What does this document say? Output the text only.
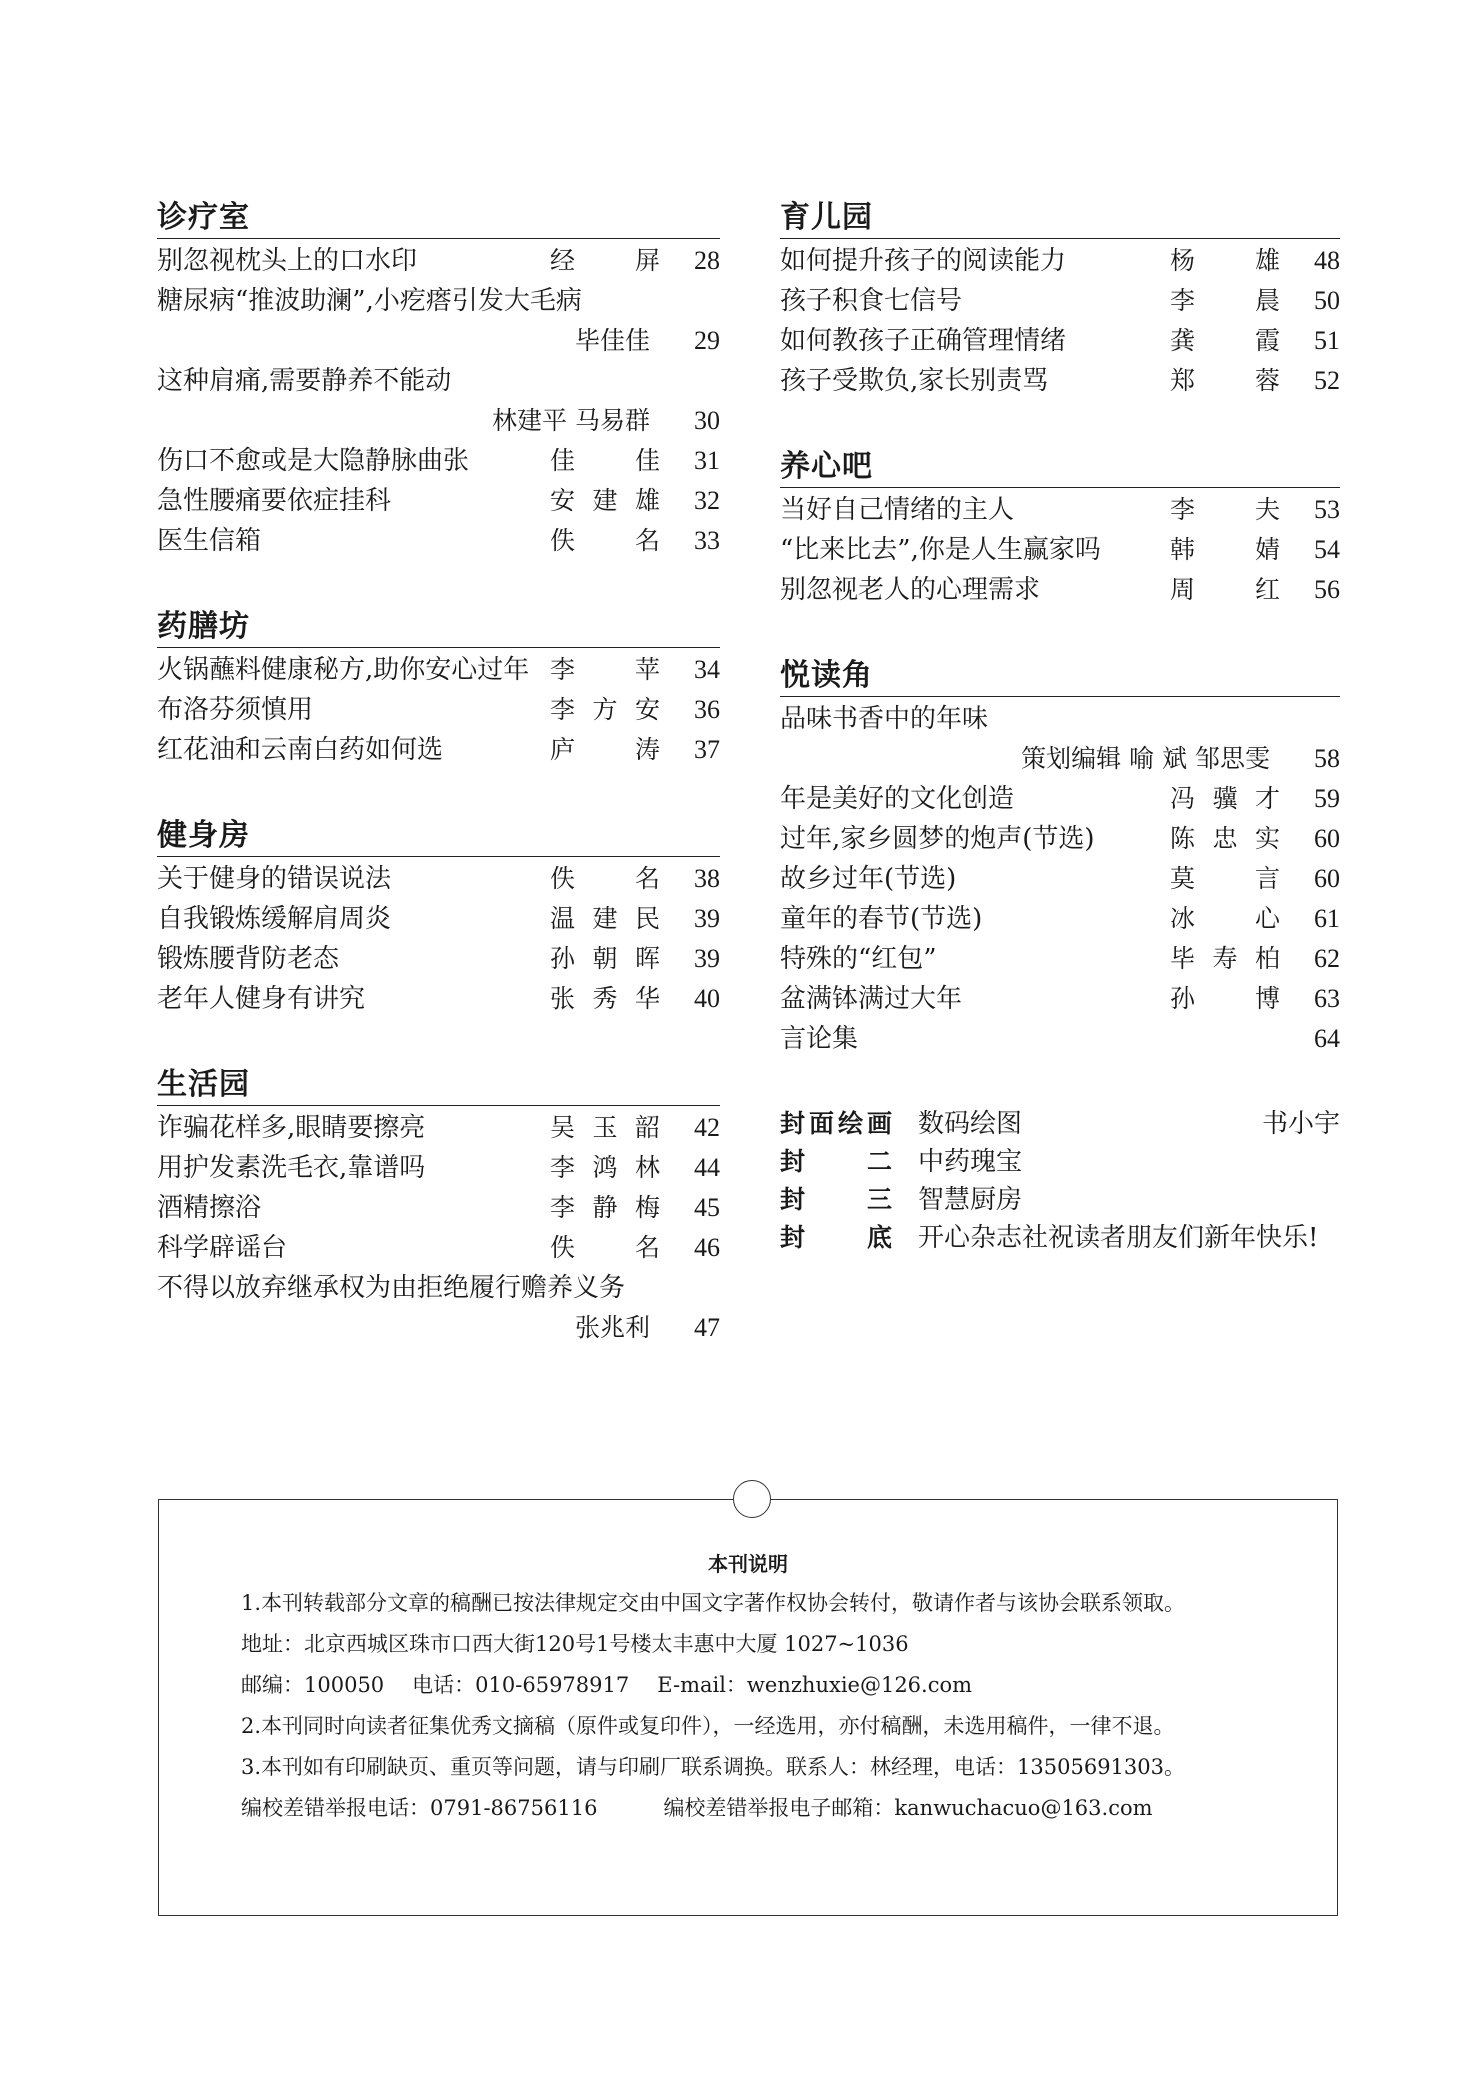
诊疗室
别忽视枕头上的口水印	经 屏	28
糖尿病“推波助澜”,小疙瘩引发大毛病
毕佳佳	29
这种肩痛,需要静养不能动
林建平 马易群	30
伤口不愈或是大隐静脉曲张	佳 佳	31
急性腰痛要依症挂科	安建雄	32
医生信箱	佚 名	33
药膳坊
火锅蘸料健康秘方,助你安心过年 李 苹	34
布洛芬须慎用	李方安	36
红花油和云南白药如何选	庐 涛	37
健身房
关于健身的错误说法	佚 名	38
自我锻炼缓解肩周炎	温建民	39
锻炼腰背防老态	孙朝晖	39
老年人健身有讲究	张秀华	40
生活园
诈骗花样多,眼睛要擦亮	吴玉韶	42
用护发素洗毛衣,靠谱吗	李鸿林	44
酒精擦浴	李静梅	45
科学辟谣台	佚 名	46
不得以放弃继承权为由拒绝履行赡养义务
张兆利	47
育儿园
如何提升孩子的阅读能力	杨 雄	48
孩子积食七信号	李 晨	50
如何教孩子正确管理情绪	龚 霞	51
孩子受欺负,家长别责骂	郑 蓉	52
养心吧
当好自己情绪的主人	李 夫	53
“比来比去”,你是人生赢家吗	韩 婧	54
别忽视老人的心理需求	周 红	56
悦读角
品味书香中的年味
策划编辑 喻 斌 邹思雯	58
年是美好的文化创造	冯骥才	59
过年,家乡圆梦的炮声(节选)	陈忠实	60
故乡过年(节选)	莫 言	60
童年的春节(节选)	冰 心	61
特殊的“红包”	毕寿柏	62
盆满钵满过大年	孙 博	63
言论集	64
封面绘画 数码绘图	书小宇
封 二 中药瑰宝
封 三 智慧厨房
封 底 开心杂志社祝读者朋友们新年快乐!
本刊说明
1.本刊转载部分文章的稿酬已按法律规定交由中国文字著作权协会转付，敬请作者与该协会联系领取。
地址：北京西城区珠市口西大街120号1号楼太丰惠中大厦 1027~1036
邮编：100050 电话：010-65978917 E-mail：wenzhuxie@126.com
2.本刊同时向读者征集优秀文摘稿（原件或复印件），一经选用，亦付稿酬，未选用稿件，一律不退。
3.本刊如有印刷缺页、重页等问题，请与印刷厂联系调换。联系人：林经理，电话：13505691303。
编校差错举报电话：0791-86756116	编校差错举报电子邮箱：kanwuchacuo@163.com
